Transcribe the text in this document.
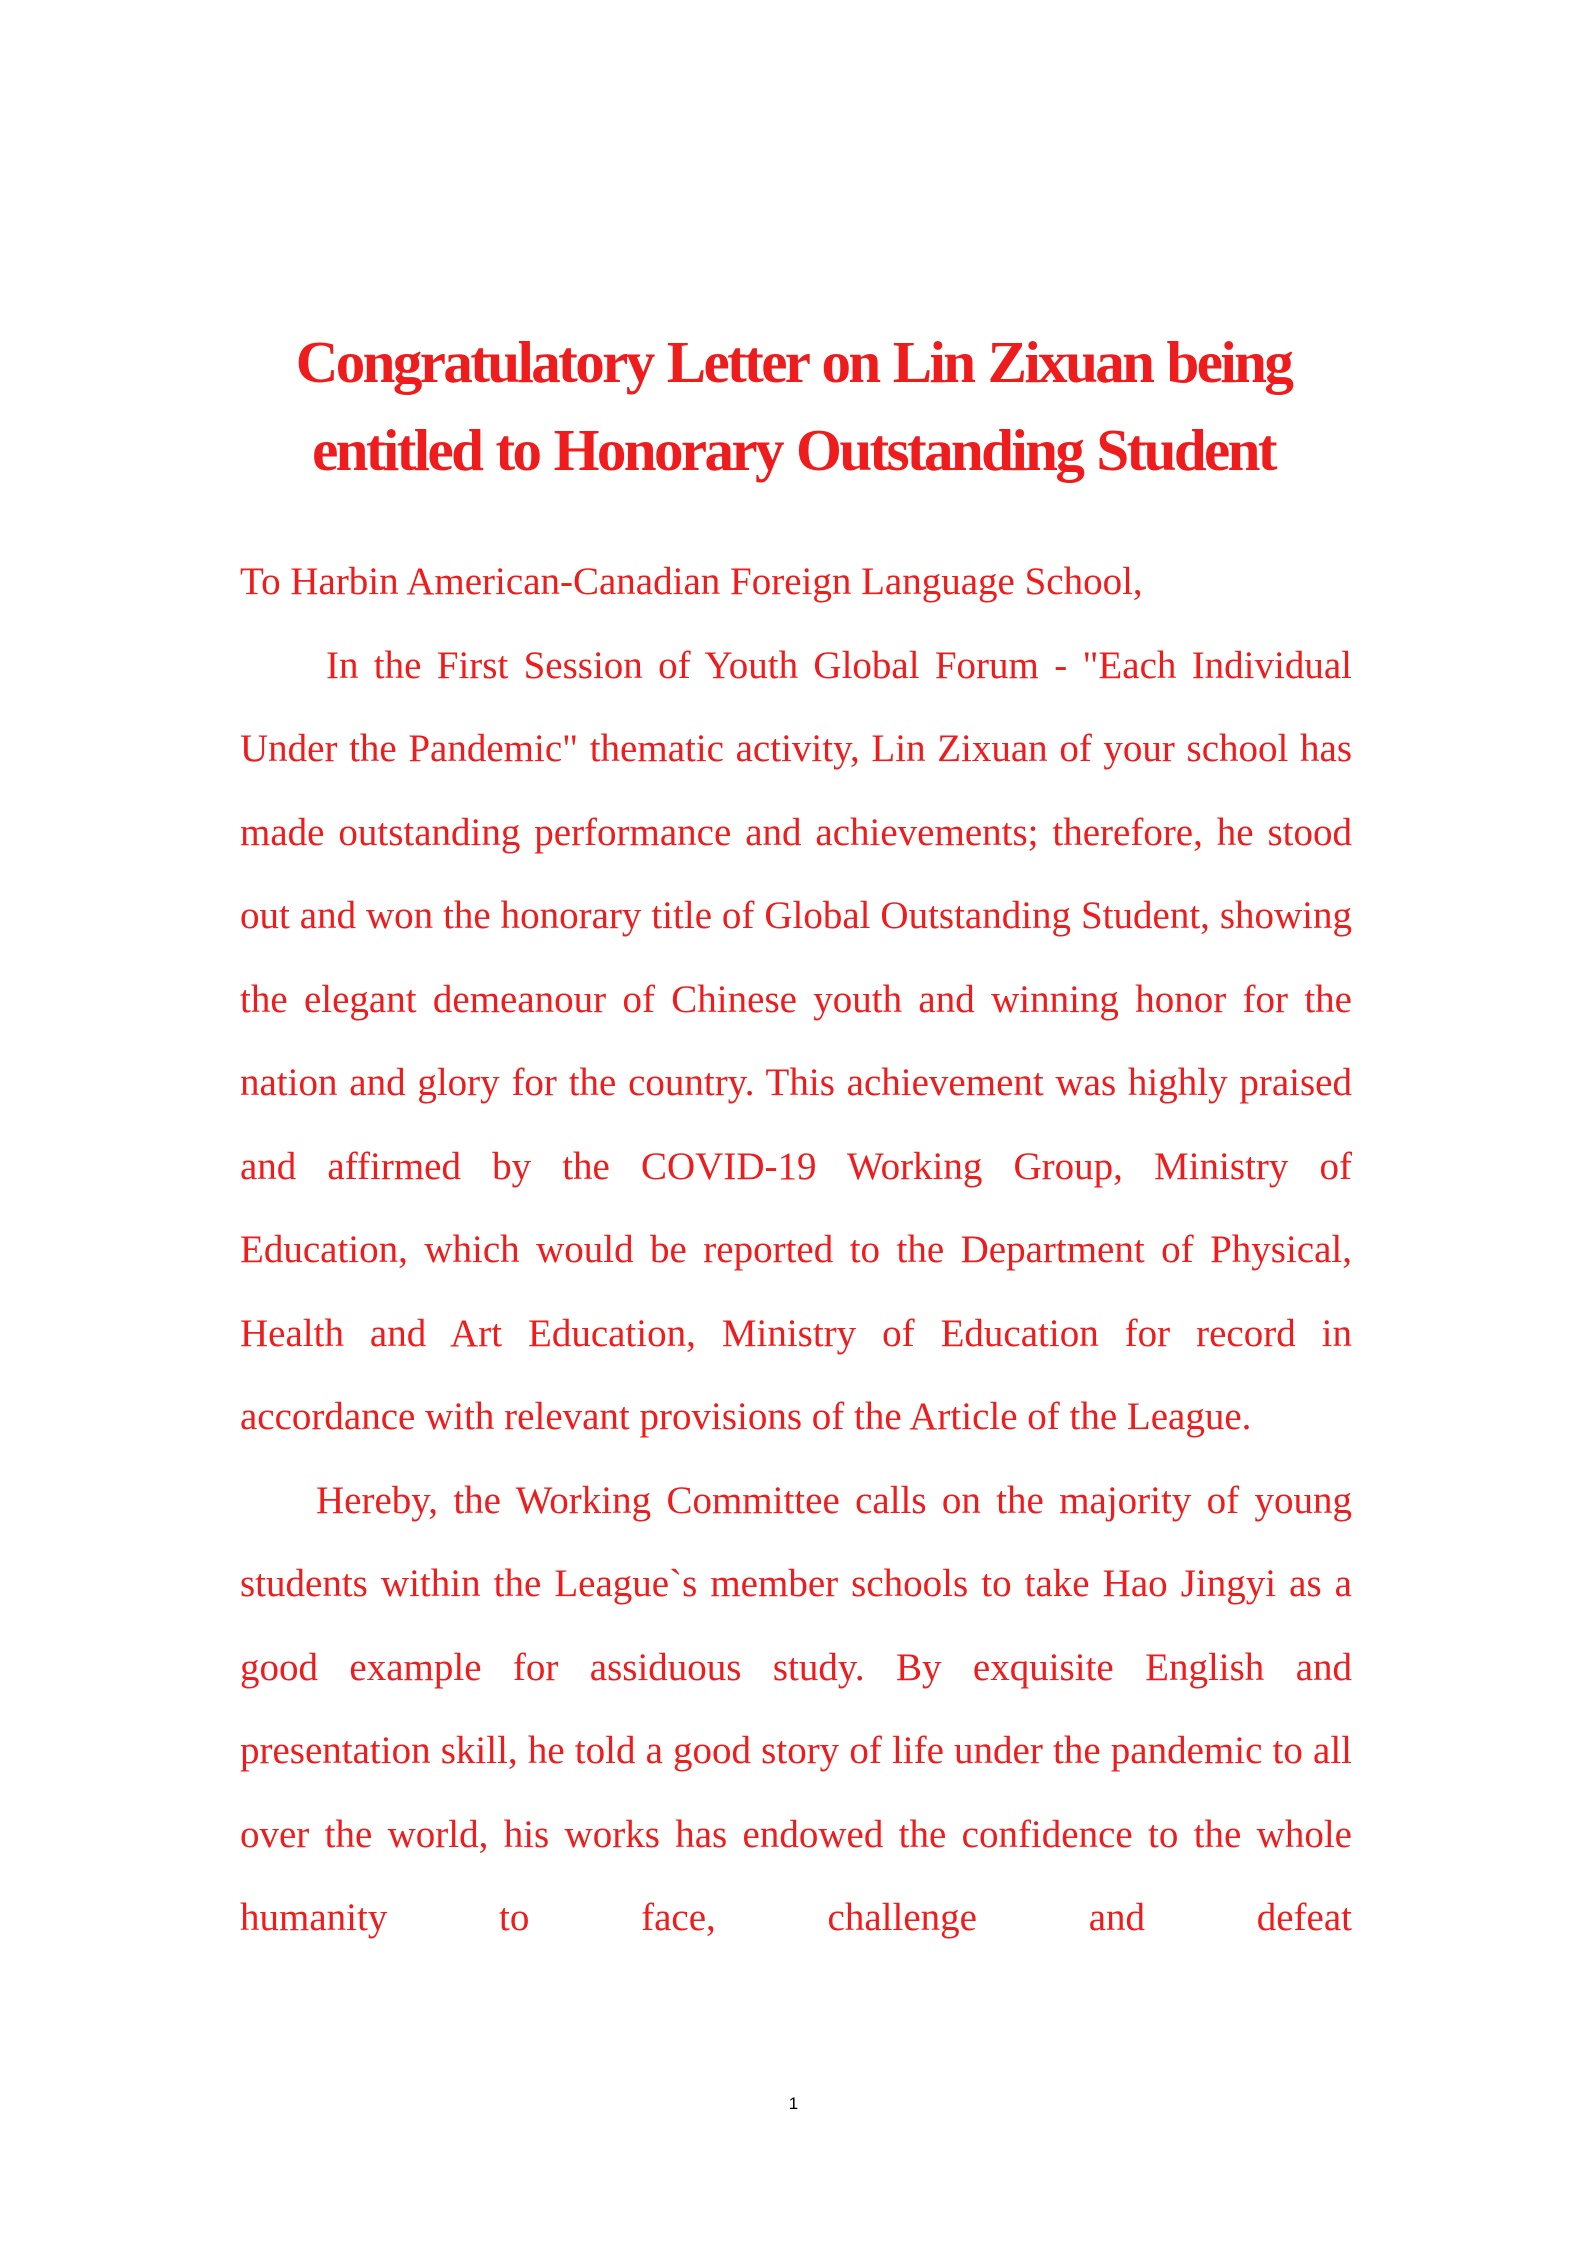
Congratulatory Letter on Lin Zixuan being
entitled to Honorary Outstanding Student

To Harbin American-Canadian Foreign Language School,

In the First Session of Youth Global Forum - "Each Individual Under the Pandemic" thematic activity, Lin Zixuan of your school has made outstanding performance and achievements; therefore, he stood out and won the honorary title of Global Outstanding Student, showing the elegant demeanour of Chinese youth and winning honor for the nation and glory for the country. This achievement was highly praised and affirmed by the COVID-19 Working Group, Ministry of Education, which would be reported to the Department of Physical, Health and Art Education, Ministry of Education for record in accordance with relevant provisions of the Article of the League.

Hereby, the Working Committee calls on the majority of young students within the League`s member schools to take Hao Jingyi as a good example for assiduous study. By exquisite English and presentation skill, he told a good story of life under the pandemic to all over the world, his works has endowed the confidence to the whole humanity to face, challenge and defeat

1
